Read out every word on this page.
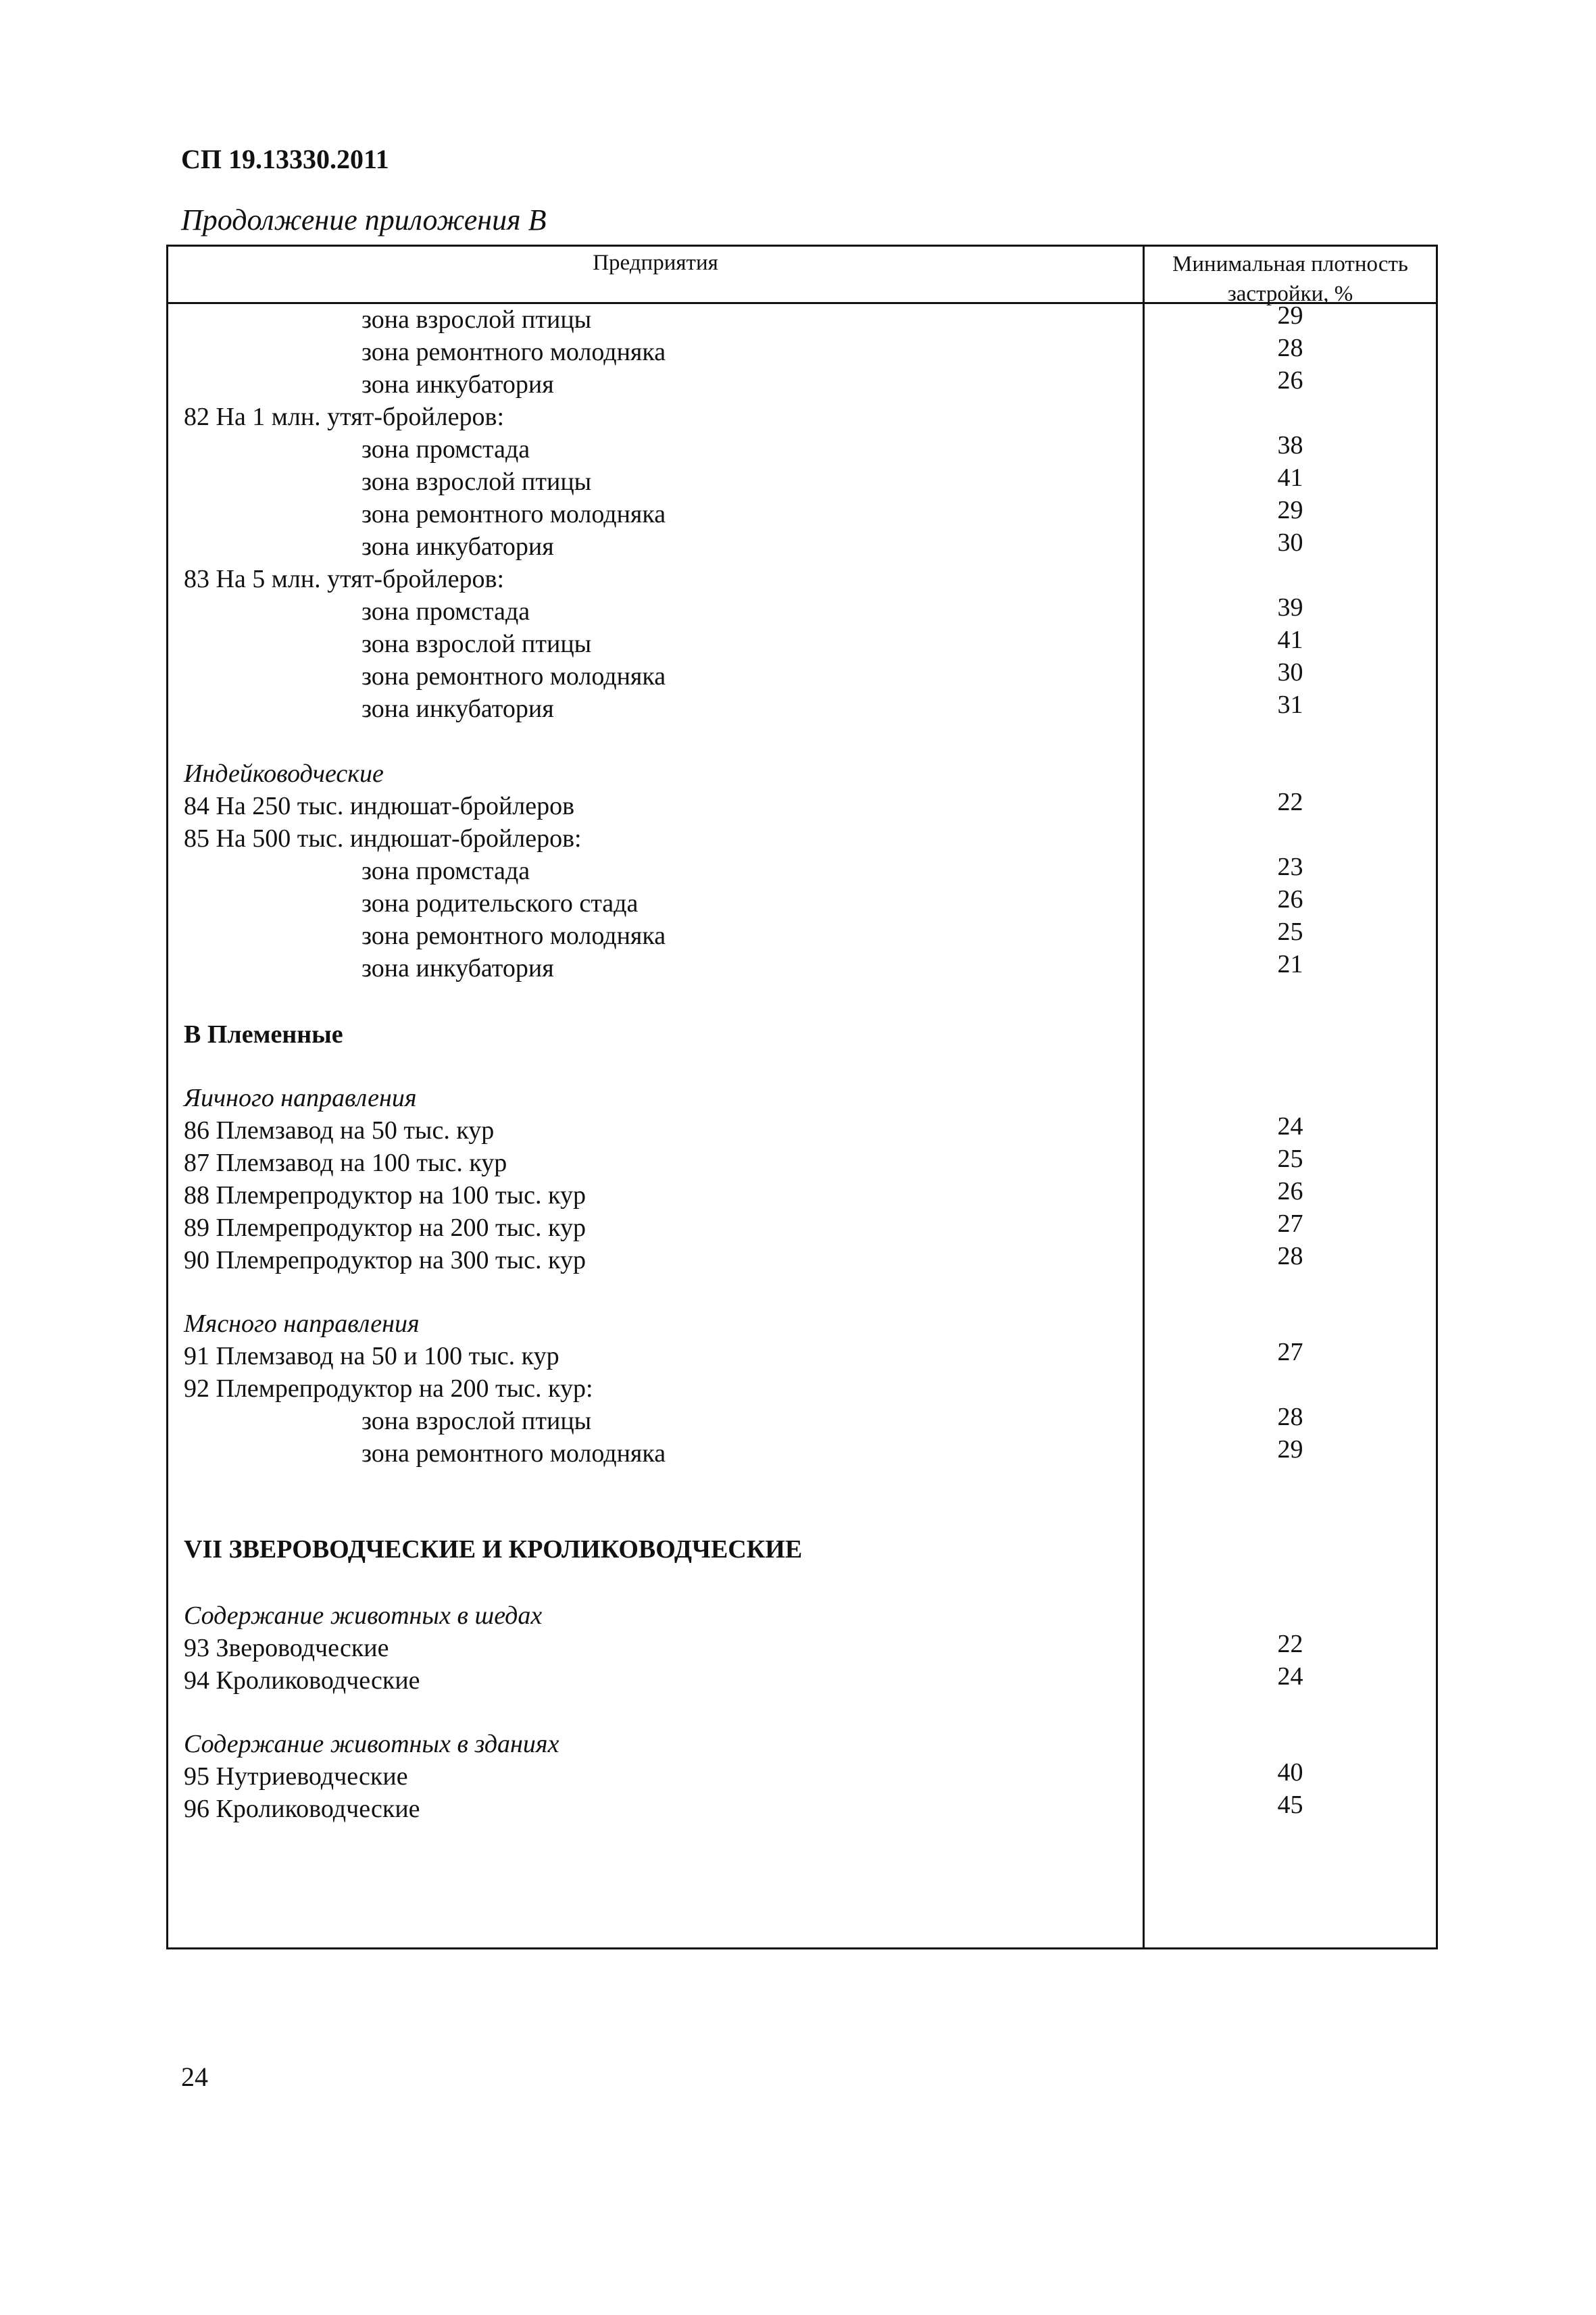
СП 19.13330.2011
Продолжение приложения В
Предприятия	Минимальная плотность застройки, %
зона взрослой птицы	29
зона ремонтного молодняка	28
зона инкубатория	26
82 На 1 млн. утят-бройлеров:
зона промстада	38
зона взрослой птицы	41
зона ремонтного молодняка	29
зона инкубатория	30
83 На 5 млн. утят-бройлеров:
зона промстада	39
зона взрослой птицы	41
зона ремонтного молодняка	30
зона инкубатория	31
Индейководческие
84 На 250 тыс. индюшат-бройлеров	22
85 На 500 тыс. индюшат-бройлеров:
зона промстада	23
зона родительского стада	26
зона ремонтного молодняка	25
зона инкубатория	21
В Племенные
Яичного направления
86 Племзавод на 50 тыс. кур	24
87 Племзавод на 100 тыс. кур	25
88 Племрепродуктор на 100 тыс. кур	26
89 Племрепродуктор на 200 тыс. кур	27
90 Племрепродуктор на 300 тыс. кур	28
Мясного направления
91 Племзавод на 50 и 100 тыс. кур	27
92 Племрепродуктор на 200 тыс. кур:
зона взрослой птицы	28
зона ремонтного молодняка	29
VII ЗВЕРОВОДЧЕСКИЕ И КРОЛИКОВОДЧЕСКИЕ
Содержание животных в шедах
93 Звероводческие	22
94 Кролиководческие	24
Содержание животных в зданиях
95 Нутриеводческие	40
96 Кролиководческие	45
24
